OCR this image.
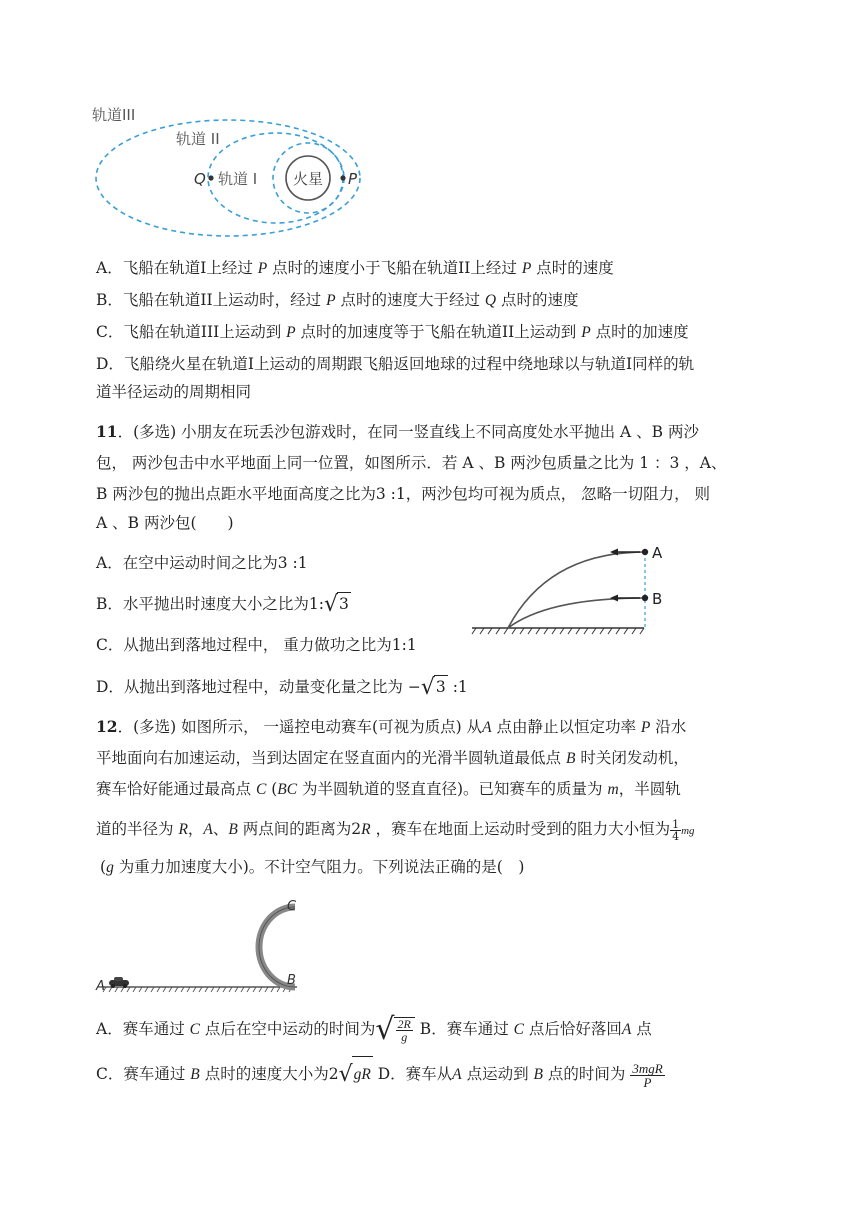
火星
轨道III
轨道 II
轨道 I
Q	P
A．飞船在轨道I上经过 P 点时的速度小于飞船在轨道II上经过 P 点时的速度
B．飞船在轨道II上运动时，经过 P 点时的速度大于经过 Q 点时的速度
C．飞船在轨道III上运动到 P 点时的加速度等于飞船在轨道II上运动到 P 点时的加速度
D．飞船绕火星在轨道I上运动的周期跟飞船返回地球的过程中绕地球以与轨道I同样的轨
道半径运动的周期相同
11．(多选) 小朋友在玩丢沙包游戏时，在同一竖直线上不同高度处水平抛出 A 、B 两沙
包， 两沙包击中水平地面上同一位置，如图所示．若 A 、B 两沙包质量之比为 1 ：3 ，A、
B 两沙包的抛出点距水平地面高度之比为3 :1，两沙包均可视为质点， 忽略一切阻力， 则
A 、B 两沙包(　　)
A．在空中运动时间之比为3 :1
B．水平抛出时速度大小之比为1:√3
C．从抛出到落地过程中， 重力做功之比为1:1
D．从抛出到落地过程中，动量变化量之比为 −√3 :1
A
B
12．(多选) 如图所示， 一遥控电动赛车(可视为质点) 从A 点由静止以恒定功率 P 沿水
平地面向右加速运动，当到达固定在竖直面内的光滑半圆轨道最低点 B 时关闭发动机，
赛车恰好能通过最高点 C (BC 为半圆轨道的竖直直径)。已知赛车的质量为 m，半圆轨
道的半径为 R，A、B 两点间的距离为2R ，赛车在地面上运动时受到的阻力大小恒为 $\frac{1}{4}$ mg
(g 为重力加速度大小)。不计空气阻力。下列说法正确的是(　)
A	B
C
A．赛车通过 C 点后在空中运动的时间为√ $\frac{2R}{g}$ B．赛车通过 C 点后恰好落回A 点
C．赛车通过 B 点时的速度大小为2√gR D．赛车从A 点运动到 B 点的时间为 $\frac{\text{3mgR}}{P}$
